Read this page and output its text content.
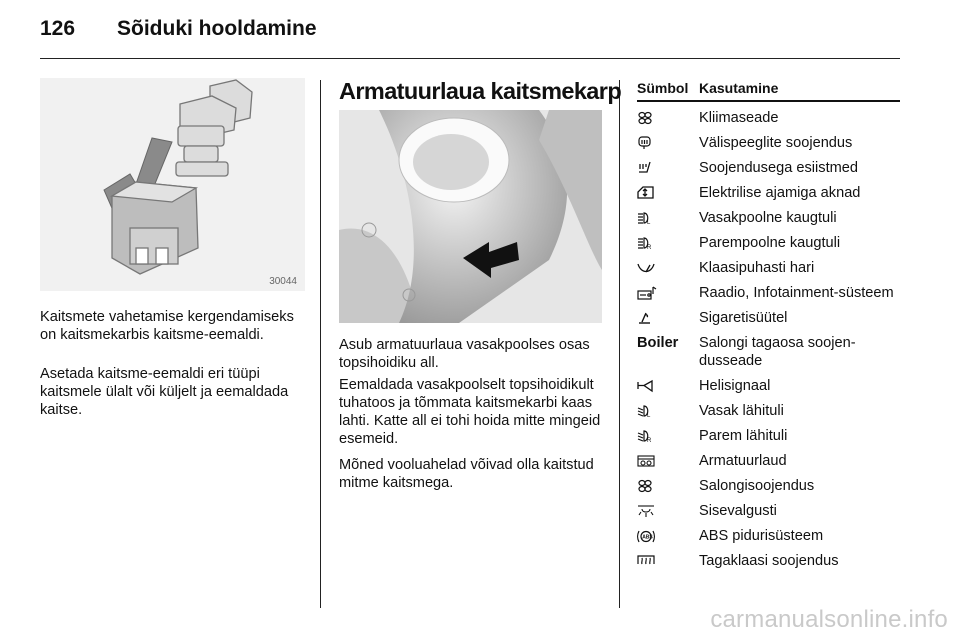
126 Sõiduki hooldamine
30044

Kaitsmete vahetamise kergendamiseks on kaitsmekarbis kaitsme-eemaldi.

Asetada kaitsme-eemaldi eri tüüpi kaitsmele ülalt või küljelt ja eemaldada kaitse.

Armatuurlaua kaitsmekarp

Asub armatuurlaua vasakpoolses osas topsihoidiku all.

Eemaldada vasakpoolselt topsihoidikult tuhatoos ja tõmmata kaitsmekarbi kaas lahti. Katte all ei tohi hoida mitte mingeid esemeid.

Mõned vooluahelad võivad olla kaitstud mitme kaitsmega.

Sümbol Kasutamine
Kliimaseade
Välispeeglite soojendus
Soojendusega esiistmed
Elektrilise ajamiga aknad
L	Vasakpoolne kaugtuli
R	Parempoolne kaugtuli
Klaasipuhasti hari
Raadio, Infotainment-süsteem
Sigaretisüütel
Boiler	Salongi tagaosa soojen-dusseade
Helisignaal
L	Vasak lähituli
R	Parem lähituli
Armatuurlaud
Salongisoojendus
Sisevalgusti
ABS	ABS pidurisüsteem
Tagaklaasi soojendus
carmanualsonline.info
